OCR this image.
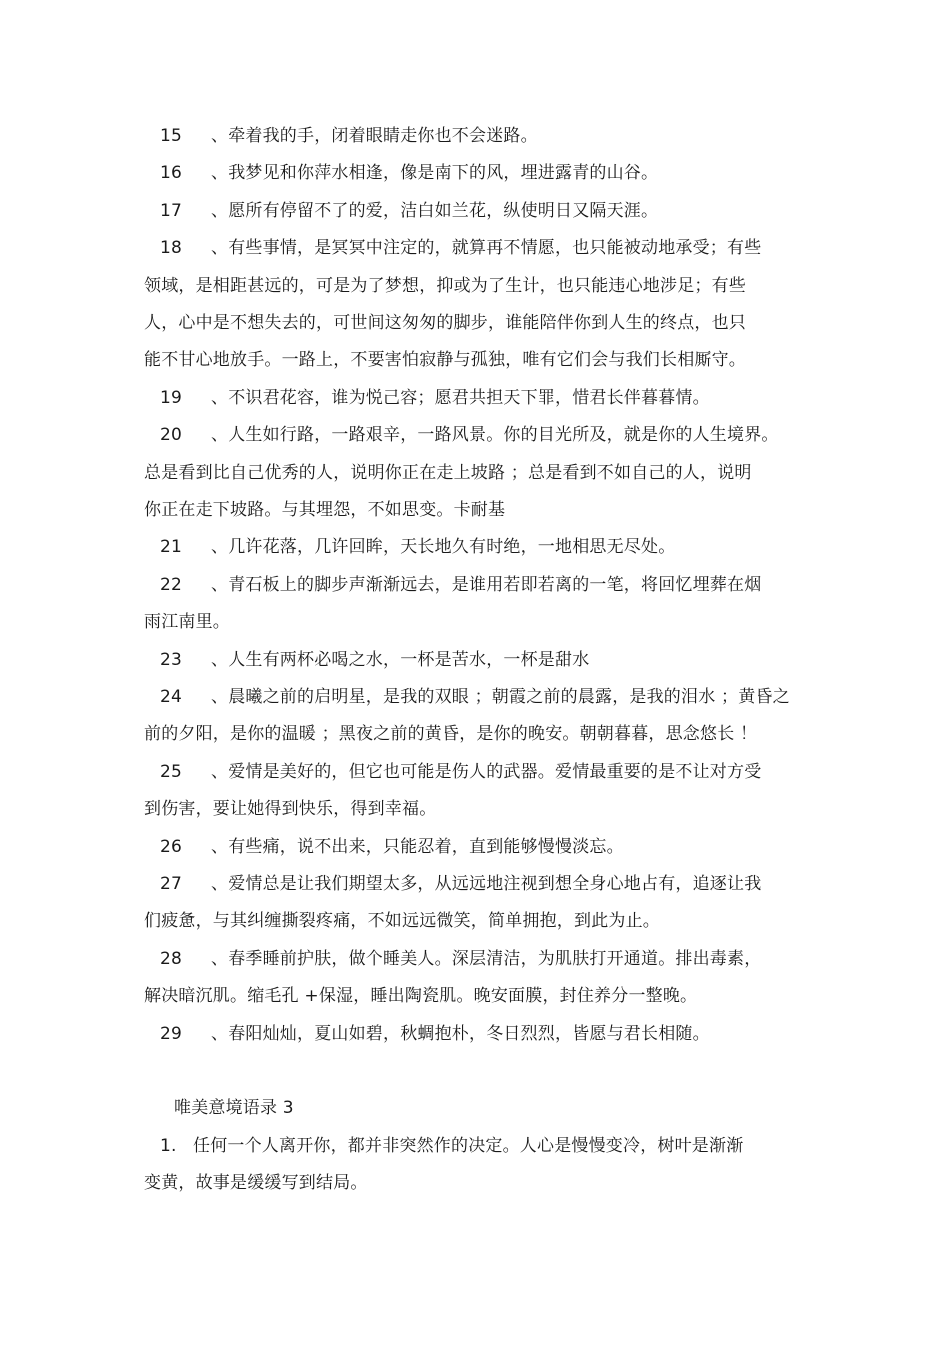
15 、牵着我的手，闭着眼睛走你也不会迷路。
16 、我梦见和你萍水相逢，像是南下的风，埋进露青的山谷。
17 、愿所有停留不了的爱，洁白如兰花，纵使明日又隔天涯。
18 、有些事情，是冥冥中注定的，就算再不情愿，也只能被动地承受；有些
领域，是相距甚远的，可是为了梦想，抑或为了生计，也只能违心地涉足；有些
人，心中是不想失去的，可世间这匆匆的脚步，谁能陪伴你到人生的终点，也只
能不甘心地放手。一路上，不要害怕寂静与孤独，唯有它们会与我们长相厮守。
19 、不识君花容，谁为悦己容；愿君共担天下罪，惜君长伴暮暮情。
20 、人生如行路，一路艰辛，一路风景。你的目光所及，就是你的人生境界。
总是看到比自己优秀的人，说明你正在走上坡路 ；总是看到不如自己的人，说明
你正在走下坡路。与其埋怨，不如思变。卡耐基
21 、几许花落，几许回眸，天长地久有时绝，一地相思无尽处。
22 、青石板上的脚步声渐渐远去，是谁用若即若离的一笔，将回忆埋葬在烟
雨江南里。
23 、人生有两杯必喝之水，一杯是苦水，一杯是甜水
24 、晨曦之前的启明星，是我的双眼 ；朝霞之前的晨露，是我的泪水 ；黄昏之
前的夕阳，是你的温暖 ；黑夜之前的黄昏，是你的晚安。朝朝暮暮，思念悠长 ！
25 、爱情是美好的，但它也可能是伤人的武器。爱情最重要的是不让对方受
到伤害，要让她得到快乐，得到幸福。
26 、有些痛，说不出来，只能忍着，直到能够慢慢淡忘。
27 、爱情总是让我们期望太多，从远远地注视到想全身心地占有，追逐让我
们疲惫，与其纠缠撕裂疼痛，不如远远微笑，简单拥抱，到此为止。
28 、春季睡前护肤，做个睡美人。深层清洁，为肌肤打开通道。排出毒素，
解决暗沉肌。缩毛孔 +保湿，睡出陶瓷肌。晚安面膜，封住养分一整晚。
29 、春阳灿灿，夏山如碧，秋蜩抱朴，冬日烈烈，皆愿与君长相随。
唯美意境语录 3
1. 任何一个人离开你，都并非突然作的决定。人心是慢慢变冷，树叶是渐渐
变黄，故事是缓缓写到结局。
